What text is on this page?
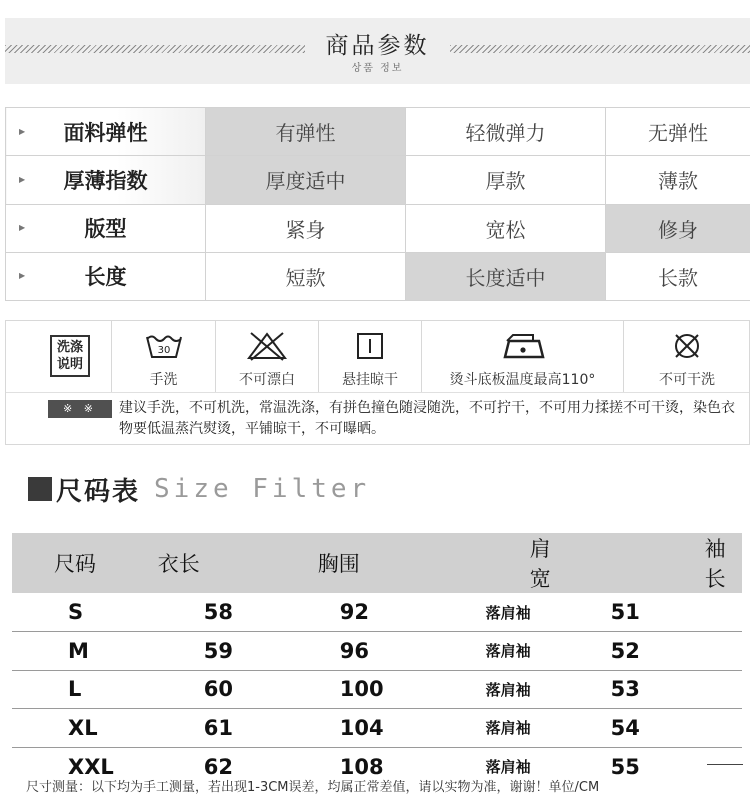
商品参数
상품 정보
▶ 面料弹性	有弹性	轻微弹力	无弹性

▶ 厚薄指数	厚度适中	厚款	薄款

▶ 版型	紧身	宽松	修身

▶ 长度	短款	长度适中	长款
洗涤说明
30
手洗	不可漂白	悬挂晾干	烫斗底板温度最高110°	不可干洗
※ ※	建议手洗，不可机洗，常温洗涤，有拼色撞色随浸随洗，不可拧干，不可用力揉搓不可干烫，染色衣物要低温蒸汽熨烫，平铺晾干，不可曝晒。
尺码表 Size Filter
尺码	衣长	胸围	肩宽	袖长
S	58	92	落肩袖	51
M	59	96	落肩袖	52
L	60	100	落肩袖	53
XL	61	104	落肩袖	54
XXL	62	108	落肩袖	55
尺寸测量：以下均为手工测量，若出现1-3CM误差，均属正常差值，请以实物为准，谢谢！单位/CM
